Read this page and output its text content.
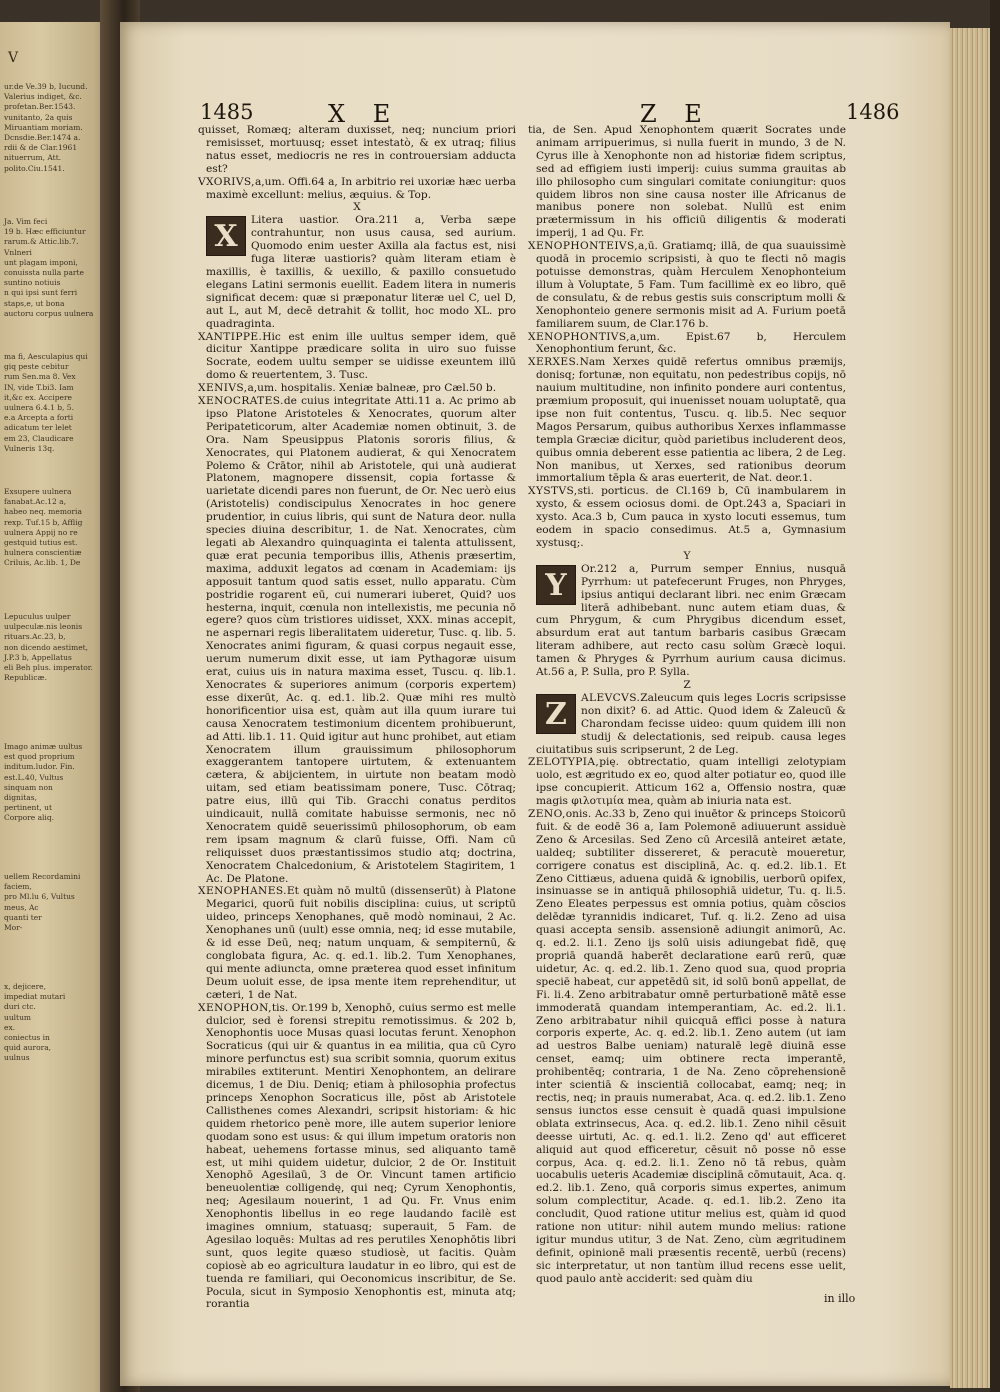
V
ur.de Ve.39 b, Iucund.
Valerius indiget, &c.
profetan.Ber.1543.
vunitanto, 2a quis
Miruantiam moriam.
Dcnsdie.Ber.1474 a.
rdii & de Clar.1961
nituerrum, Att.
polito.Ciu.1541.
Ja. Vim feci
19 b. Hæc efficiuntur
rarum.& Attic.lib.7. Vnlneri
unt plagam imponi,
conuissta nulla parte
suntino notiuis
n qui ipsi sunt ferri
staps,e, ut bona
auctoru corpus uulnera
ma fi, Aesculapius qui
giq peste cebitur
rum Sen.ma 8. Vex
IN, vide T.bi3. Iam
it,&c ex. Accipere
uulnera 6.4.1 b, 5.
e.a Arcepta a forti
adicatum ter lelet
em 23, Claudicare
Vulneris 13q.
Exsupere uulnera
fanabat.Ac.12 a,
habeo neq. memoria
rexp. Tuf.15 b, Afflig
uulnera Appij no re
gestquid tutius est.
hulnera conscientiæ
Criluis, Ac.lib. 1, De
Lepuculus uulper
uulpeculæ.nis leonis
rituars.Ac.23, b,
non dicendo aestimet,
J.P.3 b, Appellatus
eli Beh plus. imperator.
Republicæ.
Imago animæ uultus
est quod proprium
inditum.ludor. Fin.
est.L.40, Vultus
sinquam non
dignitas,
pertinent, ut
Corpore aliq.
uellem Recordamini
faciem,
pro Ml.lu 6, Vultus
meus, Ac
quanti ter
Mor-
x, dejicere,
impediat mutari
duri ctc.
uultum
ex.
coniectus in
quid aurora,
uulnus
1485	X E	Z E	1486

quisset, Romæq; alteram duxisset, neq; nuncium priori remisisset, mortuusq; esset intestatò, & ex utraq; filius natus esset, mediocris ne res in controuersiam adducta est?

VXORIVS,a,um. Offi.64 a, In arbitrio rei uxoriæ hæc uerba maximè excellunt: melius, æquius. & Top.

X

X	Litera uastior. Ora.211 a, Verba sæpe contrahuntur, non usus causa, sed aurium. Quomodo enim uester Axilla ala factus est, nisi fuga literæ uastioris? quàm literam etiam è maxillis, è taxillis, & uexillo, & paxillo consuetudo elegans Latini sermonis euellit. Eadem litera in numeris significat decem: quæ si præponatur literæ uel C, uel D, aut L, aut M, decē detrahit & tollit, hoc modo XL. pro quadraginta.

XANTIPPE.Hic est enim ille uultus semper idem, quē dicitur Xantippe prædicare solita in uiro suo fuisse Socrate, eodem uultu semper se uidisse exeuntem illū domo & reuertentem, 3. Tusc.

XENIVS,a,um. hospitalis. Xeniæ balneæ, pro Cæl.50 b.

XENOCRATES.de cuius integritate Atti.11 a. Ac primo ab ipso Platone Aristoteles & Xenocrates, quorum alter Peripateticorum, alter Academiæ nomen obtinuit, 3. de Ora. Nam Speusippus Platonis sororis filius, & Xenocrates, qui Platonem audierat, & qui Xenocratem Polemo & Crātor, nihil ab Aristotele, qui unà audierat Platonem, magnopere dissensit, copia fortasse & uarietate dicendi pares non fuerunt, de Or. Nec uerò eius (Aristotelis) condiscipulus Xenocrates in hoc genere prudentior, in cuius libris, qui sunt de Natura deor. nulla species diuina describitur, 1. de Nat. Xenocrates, cùm legati ab Alexandro quinquaginta ei talenta attulissent, quæ erat pecunia temporibus illis, Athenis præsertim, maxima, adduxit legatos ad cœnam in Academiam: ijs apposuit tantum quod satis esset, nullo apparatu. Cùm postridie rogarent eū, cui numerari iuberet, Quid? uos hesterna, inquit, cœnula non intellexistis, me pecunia nō egere? quos cùm tristiores uidisset, XXX. minas accepit, ne aspernari regis liberalitatem uideretur, Tusc. q. lib. 5. Xenocrates animi figuram, & quasi corpus negauit esse, uerum numerum dixit esse, ut iam Pythagoræ uisum erat, cuius uis in natura maxima esset, Tuscu. q. lib.1. Xenocrates & superiores animum (corporis expertem) esse dixerūt, Ac. q. ed.1. lib.2. Quæ mihi res multò honorificentior uisa est, quàm aut illa quum iurare tui causa Xenocratem testimonium dicentem prohibuerunt, ad Atti. lib.1. 11. Quid igitur aut hunc prohibet, aut etiam Xenocratem illum grauissimum philosophorum exaggerantem tantopere uirtutem, & extenuantem cætera, & abijcientem, in uirtute non beatam modò uitam, sed etiam beatissimam ponere, Tusc. Cōtraq; patre eius, illū qui Tib. Gracchi conatus perditos uindicauit, nullā comitate habuisse sermonis, nec nō Xenocratem quidē seuerissimū philosophorum, ob eam rem ipsam magnum & clarū fuisse, Offi. Nam cū reliquisset duos præstantissimos studio atq; doctrina, Xenocratem Chalcedonium, & Aristotelem Stagiritem, 1 Ac. De Platone.

XENOPHANES.Et quàm nō multū (dissenserūt) à Platone Megarici, quorū fuit nobilis disciplina: cuius, ut scriptū uideo, princeps Xenophanes, quē modò nominaui, 2 Ac. Xenophanes unū (uult) esse omnia, neq; id esse mutabile, & id esse Deū, neq; natum unquam, & sempiternū, & conglobata figura, Ac. q. ed.1. lib.2. Tum Xenophanes, qui mente adiuncta, omne præterea quod esset infinitum Deum uoluit esse, de ipsa mente item reprehenditur, ut cæteri, 1 de Nat.

XENOPHON,tis. Or.199 b, Xenophō, cuius sermo est melle dulcior, sed è forensi strepitu remotissimus. & 202 b, Xenophontis uoce Musas quasi locutas ferunt. Xenophon Socraticus (qui uir & quantus in ea militia, qua cū Cyro minore perfunctus est) sua scribit somnia, quorum exitus mirabiles extiterunt. Mentiri Xenophontem, an delirare dicemus, 1 de Diu. Deniq; etiam à philosophia profectus princeps Xenophon Socraticus ille, pōst ab Aristotele Callisthenes comes Alexandri, scripsit historiam: & hic quidem rhetorico penè more, ille autem superior leniore quodam sono est usus: & qui illum impetum oratoris non habeat, uehemens fortasse minus, sed aliquanto tamē est, ut mihi quidem uidetur, dulcior, 2 de Or. Instituit Xenophō Agesilaū, 3 de Or. Vincunt tamen artificio beneuolentiæ colligendę, qui neq; Cyrum Xenophontis, neq; Agesilaum nouerint, 1 ad Qu. Fr. Vnus enim Xenophontis libellus in eo rege laudando facilè est imagines omnium, statuasq; superauit, 5 Fam. de Agesilao loquēs: Multas ad res perutiles Xenophōtis libri sunt, quos legite quæso studiosè, ut facitis. Quàm copiosè ab eo agricultura laudatur in eo libro, qui est de tuenda re familiari, qui Oeconomicus inscribitur, de Se. Pocula, sicut in Symposio Xenophontis est, minuta atq; rorantia

tia, de Sen. Apud Xenophontem quærit Socrates unde animam arripuerimus, si nulla fuerit in mundo, 3 de N. Cyrus ille à Xenophonte non ad historiæ fidem scriptus, sed ad effigiem iusti imperij: cuius summa grauitas ab illo philosopho cum singulari comitate coniungitur: quos quidem libros non sine causa noster ille Africanus de manibus ponere non solebat. Nullū est enim prætermissum in his officiū diligentis & moderati imperij, 1 ad Qu. Fr.

XENOPHONTEIVS,a,ū. Gratiamq; illā, de qua suauissimè quodā in procemio scripsisti, à quo te flecti nō magis potuisse demonstras, quàm Herculem Xenophonteium illum à Voluptate, 5 Fam. Tum facillimè ex eo libro, quē de consulatu, & de rebus gestis suis conscriptum molli & Xenophonteio genere sermonis misit ad A. Furium poetā familiarem suum, de Clar.176 b.

XENOPHONTIVS,a,um. Epist.67 b, Herculem Xenophontium ferunt, &c.

XERXES.Nam Xerxes quidē refertus omnibus præmijs, donisq; fortunæ, non equitatu, non pedestribus copijs, nō nauium multitudine, non infinito pondere auri contentus, præmium proposuit, qui inuenisset nouam uoluptatē, qua ipse non fuit contentus, Tuscu. q. lib.5. Nec sequor Magos Persarum, quibus authoribus Xerxes inflammasse templa Græciæ dicitur, quòd parietibus includerent deos, quibus omnia deberent esse patientia ac libera, 2 de Leg. Non manibus, ut Xerxes, sed rationibus deorum immortalium tēpla & aras euerterit, de Nat. deor.1.

XYSTVS,sti. porticus. de Cl.169 b, Cū inambularem in xysto, & essem ociosus domi. de Opt.243 a, Spaciari in xysto. Aca.3 b, Cum pauca in xysto locuti essemus, tum eodem in spacio consedimus. At.5 a, Gymnasium xystusq;.

Y

Y	Or.212 a, Purrum semper Ennius, nusquā Pyrrhum: ut patefecerunt Fruges, non Phryges, ipsius antiqui declarant libri. nec enim Græcam literā adhibebant. nunc autem etiam duas, & cum Phrygum, & cum Phrygibus dicendum esset, absurdum erat aut tantum barbaris casibus Græcam literam adhibere, aut recto casu solùm Græcè loqui. tamen & Phryges & Pyrrhum aurium causa dicimus. At.56 a, P. Sulla, pro P. Sylla.

Z

Z	ALEVCVS.Zaleucum quis leges Locris scripsisse non dixit? 6. ad Attic. Quod idem & Zaleucū & Charondam fecisse uideo: quum quidem illi non studij & delectationis, sed reipub. causa leges ciuitatibus suis scripserunt, 2 de Leg.

ZELOTYPIA,pię. obtrectatio, quam intelligi zelotypiam uolo, est ægritudo ex eo, quod alter potiatur eo, quod ille ipse concupierit. Atticum 162 a, Offensio nostra, quæ magis φιλοτιμία mea, quàm ab iniuria nata est.

ZENO,onis. Ac.33 b, Zeno qui inuētor & princeps Stoicorū fuit. & de eodē 36 a, Iam Polemonē adiuuerunt assiduè Zeno & Arcesilas. Sed Zeno cū Arcesilā anteiret ætate, ualdeq; subtiliter dissereret, & peracutè moueretur, corrigere conatus est disciplinā, Ac. q. ed.2. lib.1. Et Zeno Cittiæus, aduena quidā & ignobilis, uerborū opifex, insinuasse se in antiquā philosophiā uidetur, Tu. q. li.5. Zeno Eleates perpessus est omnia potius, quàm cōscios delēdæ tyrannidis indicaret, Tuf. q. li.2. Zeno ad uisa quasi accepta sensib. assensionē adiungit animorū, Ac. q. ed.2. li.1. Zeno ijs solū uisis adiungebat fidē, quę propriā quandā haberēt declaratione earū rerū, quæ uidetur, Ac. q. ed.2. lib.1. Zeno quod sua, quod propria speciē habeat, cur appetēdū sit, id solū bonū appellat, de Fi. li.4. Zeno arbitrabatur omnē perturbationē mātē esse immoderatā quandam intemperantiam, Ac. ed.2. li.1. Zeno arbitrabatur nihil quicquā effici posse à natura corporis experte, Ac. q. ed.2. lib.1. Zeno autem (ut iam ad uestros Balbe ueniam) naturalē legē diuinā esse censet, eamq; uim obtinere recta imperantē, prohibentēq; contraria, 1 de Na. Zeno cōprehensionē inter scientiā & inscientiā collocabat, eamq; neq; in rectis, neq; in prauis numerabat, Aca. q. ed.2. lib.1. Zeno sensus iunctos esse censuit è quadā quasi impulsione oblata extrinsecus, Aca. q. ed.2. lib.1. Zeno nihil cēsuit deesse uirtuti, Ac. q. ed.1. li.2. Zeno qd' aut efficeret aliquid aut quod efficeretur, cēsuit nō posse nō esse corpus, Aca. q. ed.2. li.1. Zeno nō tā rebus, quàm uocabulis ueteris Academiæ disciplinā cōmutauit, Aca. q. ed.2. lib.1. Zeno, quā corporis simus expertes, animum solum complectitur, Acade. q. ed.1. lib.2. Zeno ita concludit, Quod ratione utitur melius est, quàm id quod ratione non utitur: nihil autem mundo melius: ratione igitur mundus utitur, 3 de Nat. Zeno, cùm ægritudinem definit, opinionē mali præsentis recentē, uerbū (recens) sic interpretatur, ut non tantùm illud recens esse uelit, quod paulo antè acciderit: sed quàm diu

in illo
